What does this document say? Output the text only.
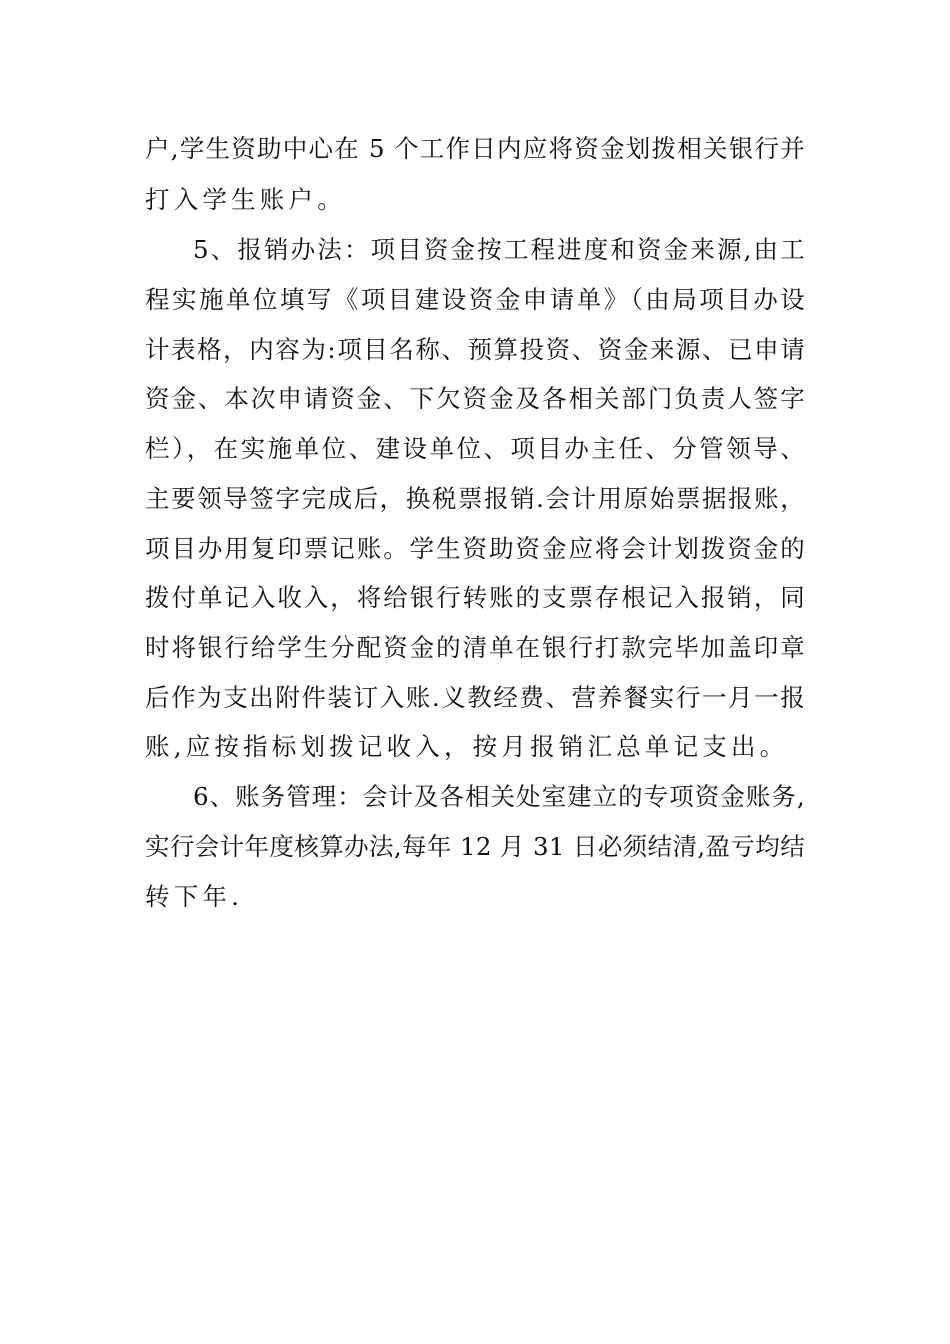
户,学生资助中心在 5 个工作日内应将资金划拨相关银行并
打入学生账户。
5、报销办法：项目资金按工程进度和资金来源,由工
程实施单位填写《项目建设资金申请单》（由局项目办设
计表格，内容为:项目名称、预算投资、资金来源、已申请
资金、本次申请资金、下欠资金及各相关部门负责人签字
栏），在实施单位、建设单位、项目办主任、分管领导、
主要领导签字完成后，换税票报销.会计用原始票据报账，
项目办用复印票记账。学生资助资金应将会计划拨资金的
拨付单记入收入，将给银行转账的支票存根记入报销，同
时将银行给学生分配资金的清单在银行打款完毕加盖印章
后作为支出附件装订入账.义教经费、营养餐实行一月一报
账,应按指标划拨记收入，按月报销汇总单记支出。
6、账务管理：会计及各相关处室建立的专项资金账务,
实行会计年度核算办法,每年 12 月 31 日必须结清,盈亏均结
转下年.
